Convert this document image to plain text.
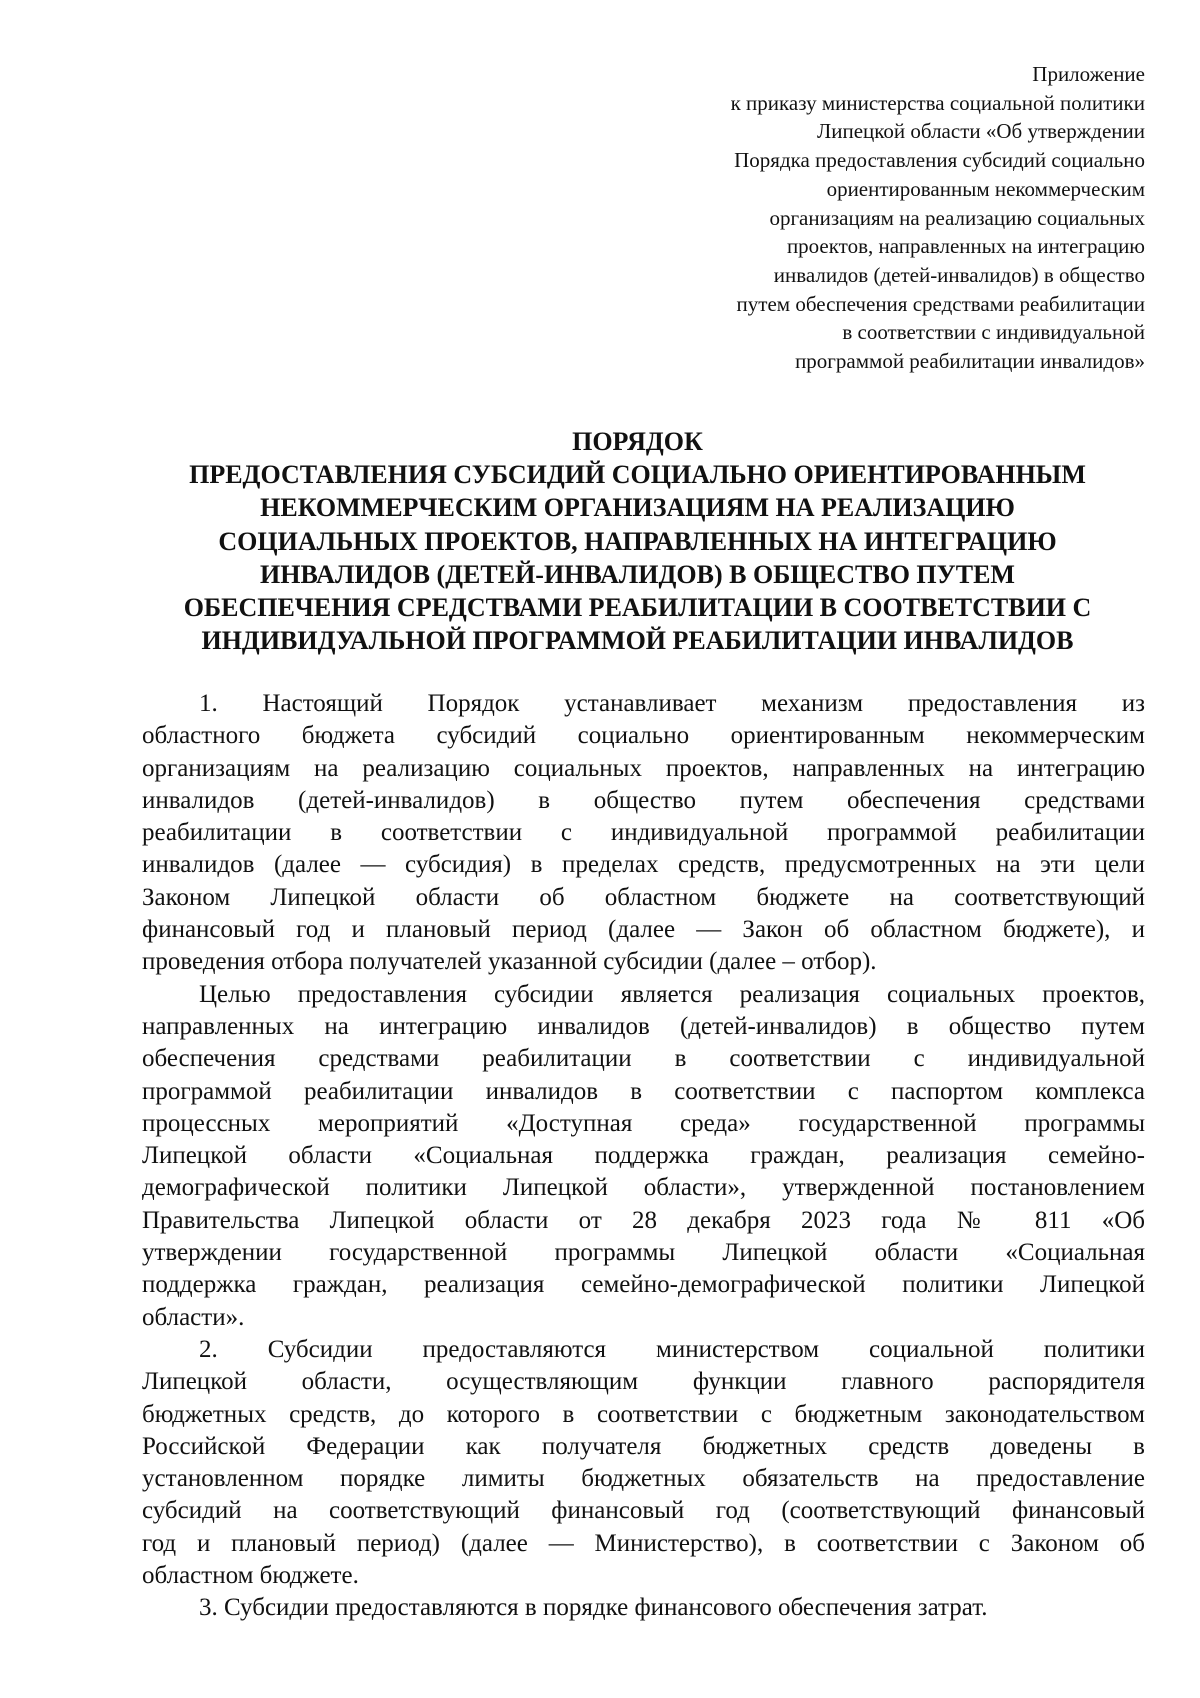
Приложение
к приказу министерства социальной политики
Липецкой области «Об утверждении
Порядка предоставления субсидий социально
ориентированным некоммерческим
организациям на реализацию социальных
проектов, направленных на интеграцию
инвалидов (детей-инвалидов) в общество
путем обеспечения средствами реабилитации
в соответствии с индивидуальной
программой реабилитации инвалидов»
ПОРЯДОК
ПРЕДОСТАВЛЕНИЯ СУБСИДИЙ СОЦИАЛЬНО ОРИЕНТИРОВАННЫМ
НЕКОММЕРЧЕСКИМ ОРГАНИЗАЦИЯМ НА РЕАЛИЗАЦИЮ
СОЦИАЛЬНЫХ ПРОЕКТОВ, НАПРАВЛЕННЫХ НА ИНТЕГРАЦИЮ
ИНВАЛИДОВ (ДЕТЕЙ-ИНВАЛИДОВ) В ОБЩЕСТВО ПУТЕМ
ОБЕСПЕЧЕНИЯ СРЕДСТВАМИ РЕАБИЛИТАЦИИ В СООТВЕТСТВИИ С
ИНДИВИДУАЛЬНОЙ ПРОГРАММОЙ РЕАБИЛИТАЦИИ ИНВАЛИДОВ
1. Настоящий Порядок устанавливает механизм предоставления из
областного бюджета субсидий социально ориентированным некоммерческим
организациям на реализацию социальных проектов, направленных на интеграцию
инвалидов (детей-инвалидов) в общество путем обеспечения средствами
реабилитации в соответствии с индивидуальной программой реабилитации
инвалидов (далее — субсидия) в пределах средств, предусмотренных на эти цели
Законом Липецкой области об областном бюджете на соответствующий
финансовый год и плановый период (далее — Закон об областном бюджете), и
проведения отбора получателей указанной субсидии (далее – отбор).
Целью предоставления субсидии является реализация социальных проектов,
направленных на интеграцию инвалидов (детей-инвалидов) в общество путем
обеспечения средствами реабилитации в соответствии с индивидуальной
программой реабилитации инвалидов в соответствии с паспортом комплекса
процессных мероприятий «Доступная среда» государственной программы
Липецкой области «Социальная поддержка граждан, реализация семейно-
демографической политики Липецкой области», утвержденной постановлением
Правительства Липецкой области от 28 декабря 2023 года № 811 «Об
утверждении государственной программы Липецкой области «Социальная
поддержка граждан, реализация семейно-демографической политики Липецкой
области».
2. Субсидии предоставляются министерством социальной политики
Липецкой области, осуществляющим функции главного распорядителя
бюджетных средств, до которого в соответствии с бюджетным законодательством
Российской Федерации как получателя бюджетных средств доведены в
установленном порядке лимиты бюджетных обязательств на предоставление
субсидий на соответствующий финансовый год (соответствующий финансовый
год и плановый период) (далее — Министерство), в соответствии с Законом об
областном бюджете.
3. Субсидии предоставляются в порядке финансового обеспечения затрат.
